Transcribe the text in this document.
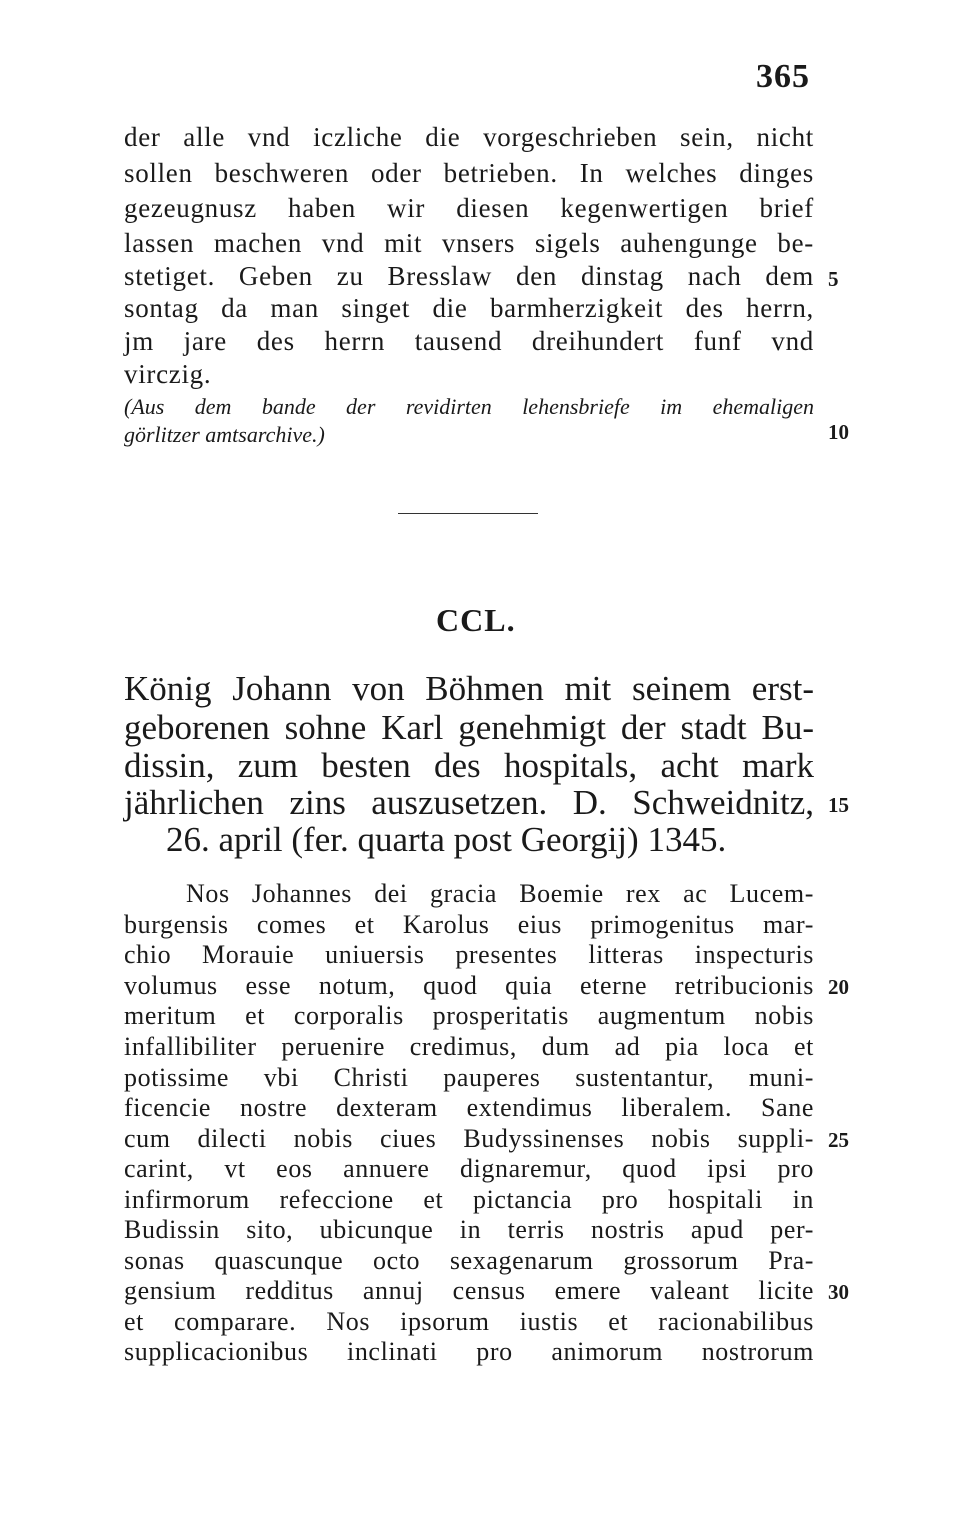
365
der alle vnd iczliche die vorgeschrieben sein, nicht
sollen beschweren oder betrieben. In welches dinges
gezeugnusz haben wir diesen kegenwertigen brief
lassen machen vnd mit vnsers sigels auhengunge be-
stetiget. Geben zu Bresslaw den dinstag nach dem
sontag da man singet die barmherzigkeit des herrn,
jm jare des herrn tausend dreihundert funf vnd
virczig.
(Aus dem bande der revidirten lehensbriefe im ehemaligen
görlitzer amtsarchive.)
5
10
15
20
25
30
CCL.
König Johann von Böhmen mit seinem erst-
geborenen sohne Karl genehmigt der stadt Bu-
dissin, zum besten des hospitals, acht mark
jährlichen zins auszusetzen. D. Schweidnitz,
26. april (fer. quarta post Georgij) 1345.
Nos Johannes dei gracia Boemie rex ac Lucem-
burgensis comes et Karolus eius primogenitus mar-
chio Morauie uniuersis presentes litteras inspecturis
volumus esse notum, quod quia eterne retribucionis
meritum et corporalis prosperitatis augmentum nobis
infallibiliter peruenire credimus, dum ad pia loca et
potissime vbi Christi pauperes sustentantur, muni-
ficencie nostre dexteram extendimus liberalem. Sane
cum dilecti nobis ciues Budyssinenses nobis suppli-
carint, vt eos annuere dignaremur, quod ipsi pro
infirmorum refeccione et pictancia pro hospitali in
Budissin sito, ubicunque in terris nostris apud per-
sonas quascunque octo sexagenarum grossorum Pra-
gensium redditus annuj census emere valeant licite
et comparare. Nos ipsorum iustis et racionabilibus
supplicacionibus inclinati pro animorum nostrorum
